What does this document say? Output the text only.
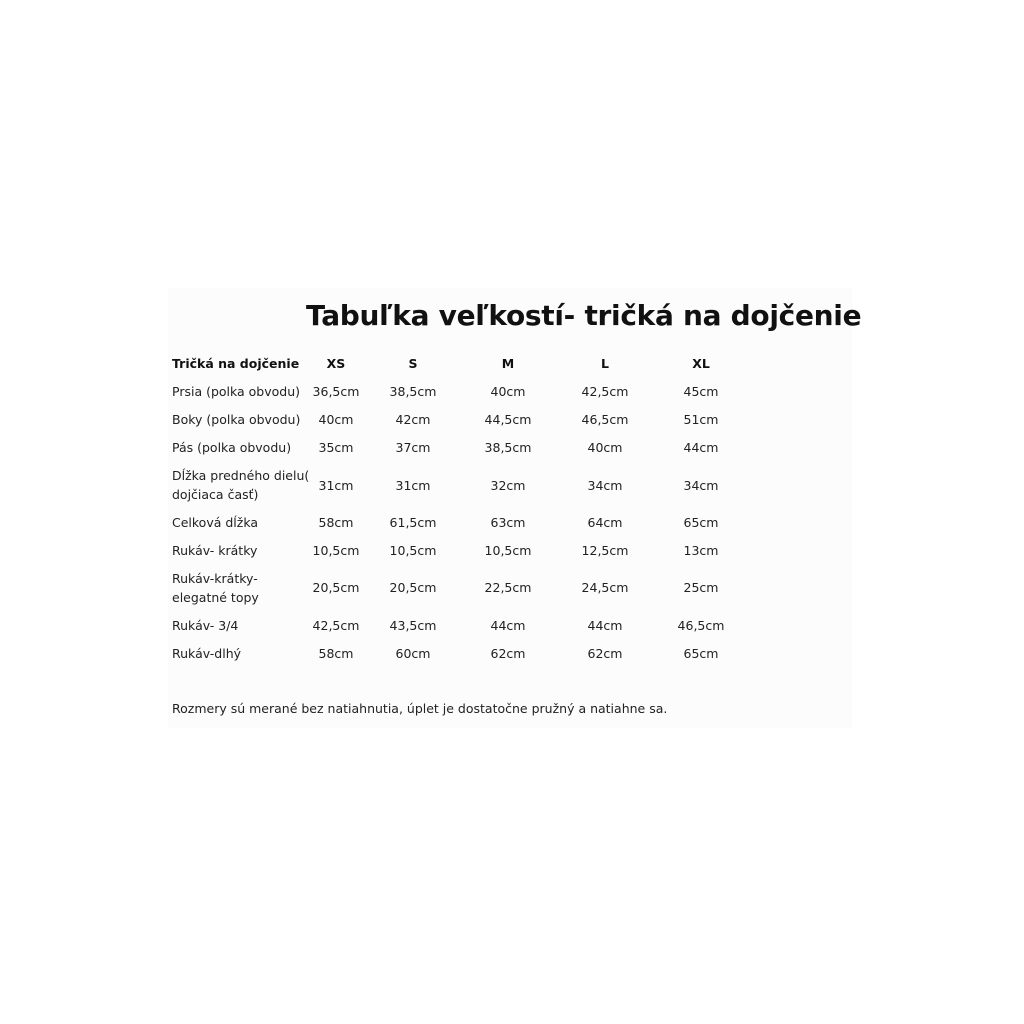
Tabuľka veľkostí- tričká na dojčenie
Tričká na dojčenie	XS	S	M	L	XL
Prsia (polka obvodu)	36,5cm	38,5cm	40cm	42,5cm	45cm
Boky (polka obvodu)	40cm	42cm	44,5cm	46,5cm	51cm
Pás (polka obvodu)	35cm	37cm	38,5cm	40cm	44cm
Dĺžka predného dielu(
dojčiaca časť)
31cm	31cm	32cm	34cm	34cm
Celková dĺžka	58cm	61,5cm	63cm	64cm	65cm
Rukáv- krátky	10,5cm	10,5cm	10,5cm	12,5cm	13cm
Rukáv-krátky-
elegatné topy
20,5cm	20,5cm	22,5cm	24,5cm	25cm
Rukáv- 3/4	42,5cm	43,5cm	44cm	44cm	46,5cm
Rukáv-dlhý	58cm	60cm	62cm	62cm	65cm
Rozmery sú merané bez natiahnutia, úplet je dostatočne pružný a natiahne sa.
